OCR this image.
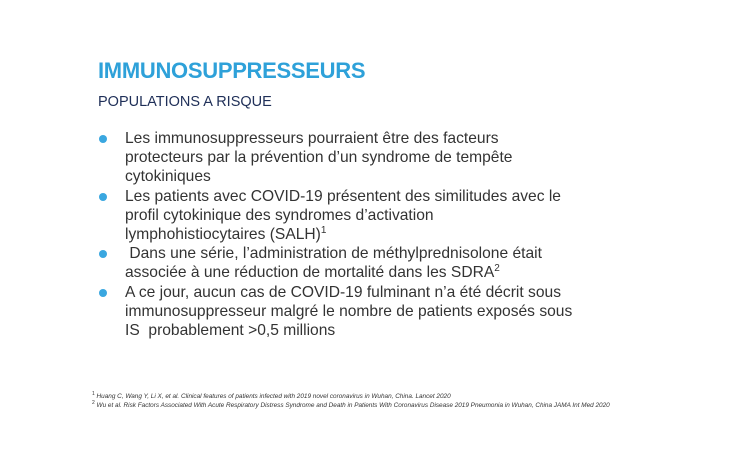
IMMUNOSUPPRESSEURS
POPULATIONS A RISQUE
Les immunosuppresseurs pourraient être des facteurs
protecteurs par la prévention d’un syndrome de tempête
cytokiniques
Les patients avec COVID-19 présentent des similitudes avec le
profil cytokinique des syndromes d’activation
lymphohistiocytaires (SALH)$^1$
Dans une série, l’administration de méthylprednisolone était
associée à une réduction de mortalité dans les SDRA$^2$
A ce jour, aucun cas de COVID-19 fulminant n’a été décrit sous
immunosuppresseur malgré le nombre de patients exposés sous
IS  probablement >0,5 millions
$^1$ Huang C, Wang Y, Li X, et al. Clinical features of patients infected with 2019 novel coronavirus in Wuhan, China. Lancet 2020
$^2$ Wu et al. Risk Factors Associated With Acute Respiratory Distress Syndrome and Death in Patients With Coronavirus Disease 2019 Pneumonia in Wuhan, China JAMA Int Med 2020
